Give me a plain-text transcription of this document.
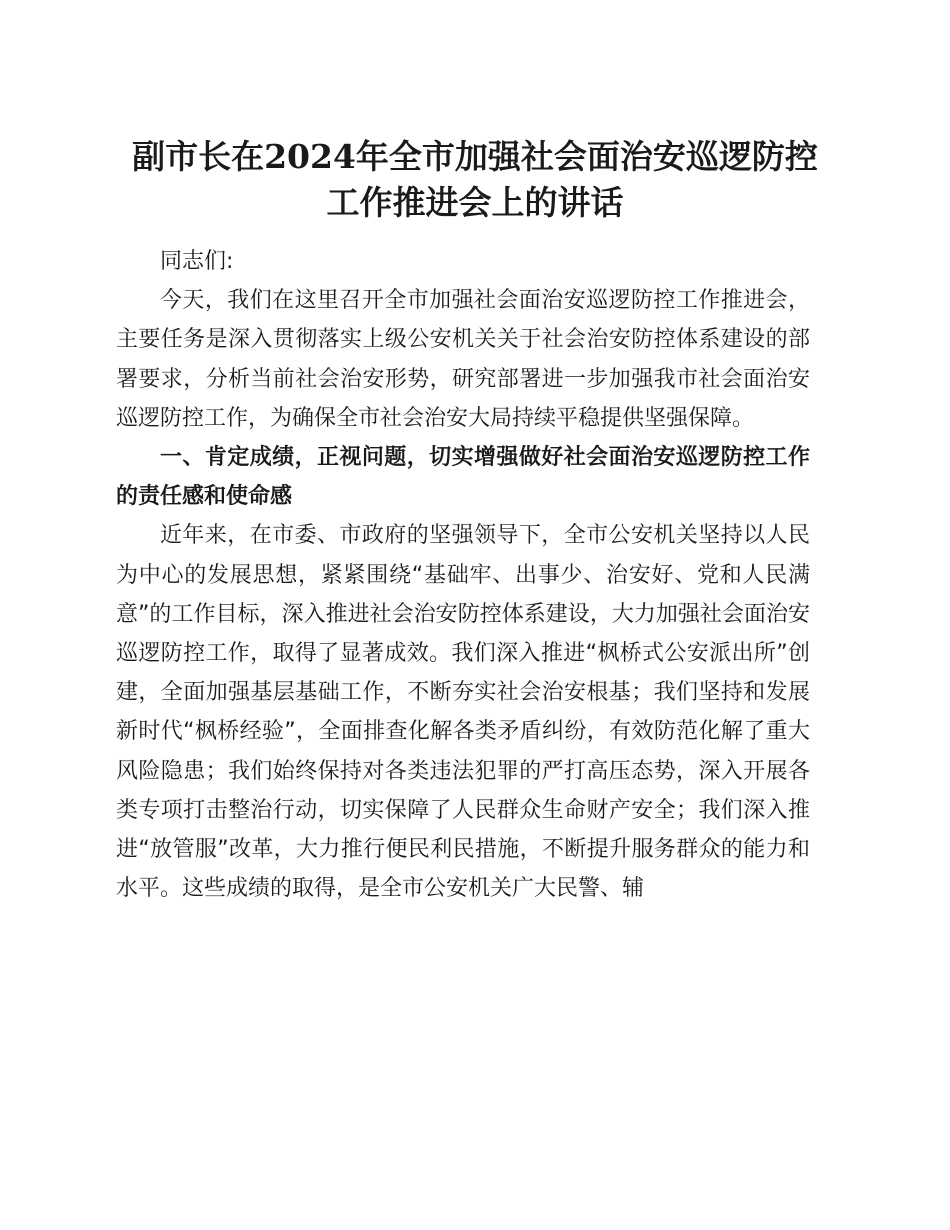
副市长在2024年全市加强社会面治安巡逻防控
工作推进会上的讲话

同志们:

今天，我们在这里召开全市加强社会面治安巡逻防控工作推进会，主要任务是深入贯彻落实上级公安机关关于社会治安防控体系建设的部署要求，分析当前社会治安形势，研究部署进一步加强我市社会面治安巡逻防控工作，为确保全市社会治安大局持续平稳提供坚强保障。

一、肯定成绩，正视问题，切实增强做好社会面治安巡逻防控工作的责任感和使命感

近年来，在市委、市政府的坚强领导下，全市公安机关坚持以人民为中心的发展思想，紧紧围绕“基础牢、出事少、治安好、党和人民满意”的工作目标，深入推进社会治安防控体系建设，大力加强社会面治安巡逻防控工作，取得了显著成效。我们深入推进“枫桥式公安派出所”创建，全面加强基层基础工作，不断夯实社会治安根基；我们坚持和发展新时代“枫桥经验”，全面排查化解各类矛盾纠纷，有效防范化解了重大风险隐患；我们始终保持对各类违法犯罪的严打高压态势，深入开展各类专项打击整治行动，切实保障了人民群众生命财产安全；我们深入推进“放管服”改革，大力推行便民利民措施，不断提升服务群众的能力和水平。这些成绩的取得，是全市公安机关广大民警、辅
